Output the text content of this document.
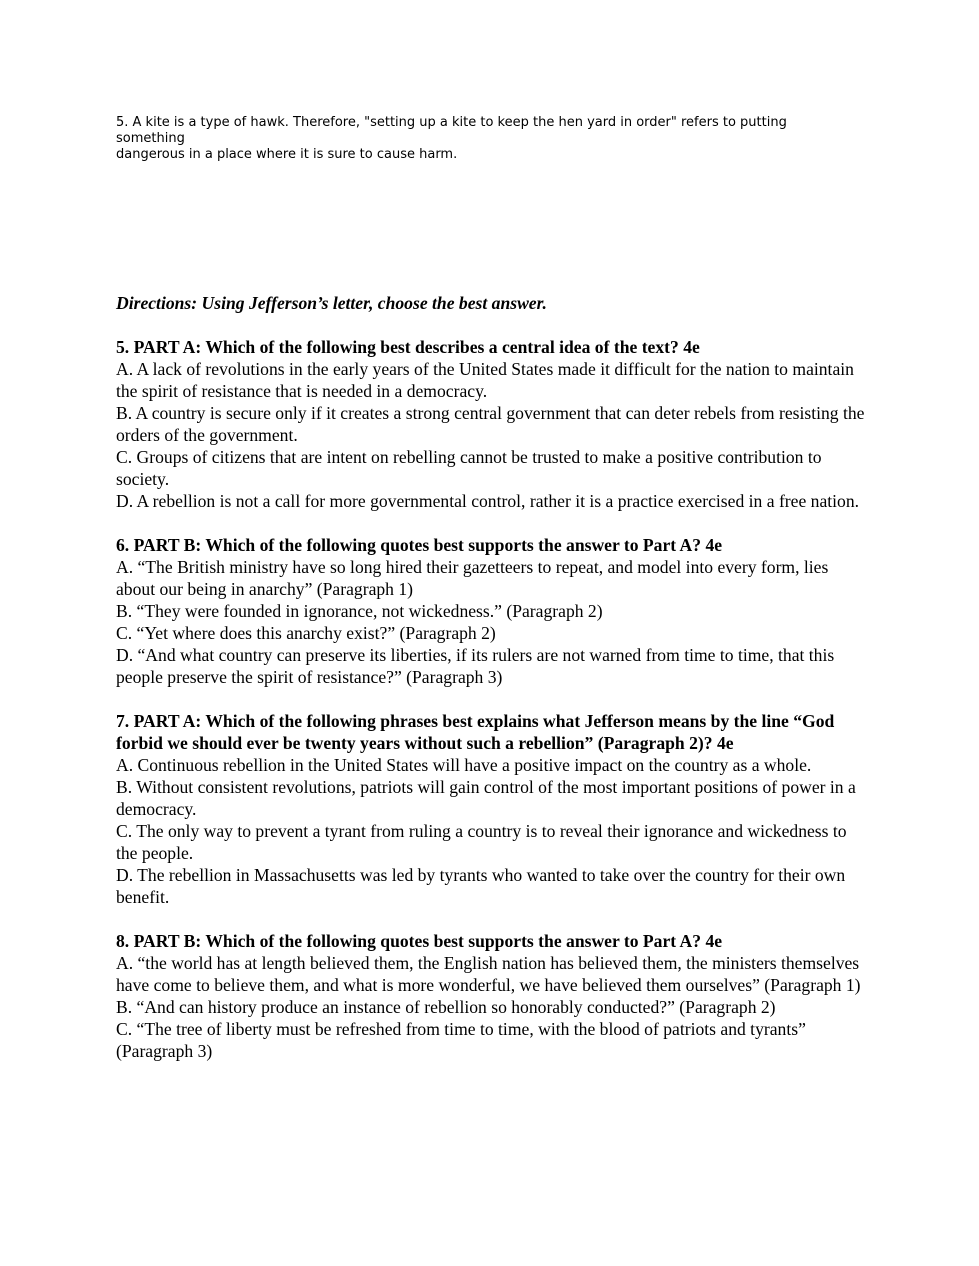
5. A kite is a type of hawk. Therefore, "setting up a kite to keep the hen yard in order" refers to putting something

dangerous in a place where it is sure to cause harm.

Directions: Using Jefferson’s letter, choose the best answer.

5. PART A: Which of the following best describes a central idea of the text? 4e

A. A lack of revolutions in the early years of the United States made it difficult for the nation to maintain the spirit of resistance that is needed in a democracy.

B. A country is secure only if it creates a strong central government that can deter rebels from resisting the orders of the government.

C. Groups of citizens that are intent on rebelling cannot be trusted to make a positive contribution to society.

D. A rebellion is not a call for more governmental control, rather it is a practice exercised in a free nation.

6. PART B: Which of the following quotes best supports the answer to Part A? 4e

A. “The British ministry have so long hired their gazetteers to repeat, and model into every form, lies about our being in anarchy” (Paragraph 1)

B. “They were founded in ignorance, not wickedness.” (Paragraph 2)

C. “Yet where does this anarchy exist?” (Paragraph 2)

D. “And what country can preserve its liberties, if its rulers are not warned from time to time, that this people preserve the spirit of resistance?” (Paragraph 3)

7. PART A: Which of the following phrases best explains what Jefferson means by the line “God forbid we should ever be twenty years without such a rebellion” (Paragraph 2)? 4e

A. Continuous rebellion in the United States will have a positive impact on the country as a whole.

B. Without consistent revolutions, patriots will gain control of the most important positions of power in a democracy.

C. The only way to prevent a tyrant from ruling a country is to reveal their ignorance and wickedness to the people.

D. The rebellion in Massachusetts was led by tyrants who wanted to take over the country for their own benefit.

8. PART B: Which of the following quotes best supports the answer to Part A? 4e

A. “the world has at length believed them, the English nation has believed them, the ministers themselves have come to believe them, and what is more wonderful, we have believed them ourselves” (Paragraph 1)

B. “And can history produce an instance of rebellion so honorably conducted?” (Paragraph 2)

C. “The tree of liberty must be refreshed from time to time, with the blood of patriots and tyrants” (Paragraph 3)
